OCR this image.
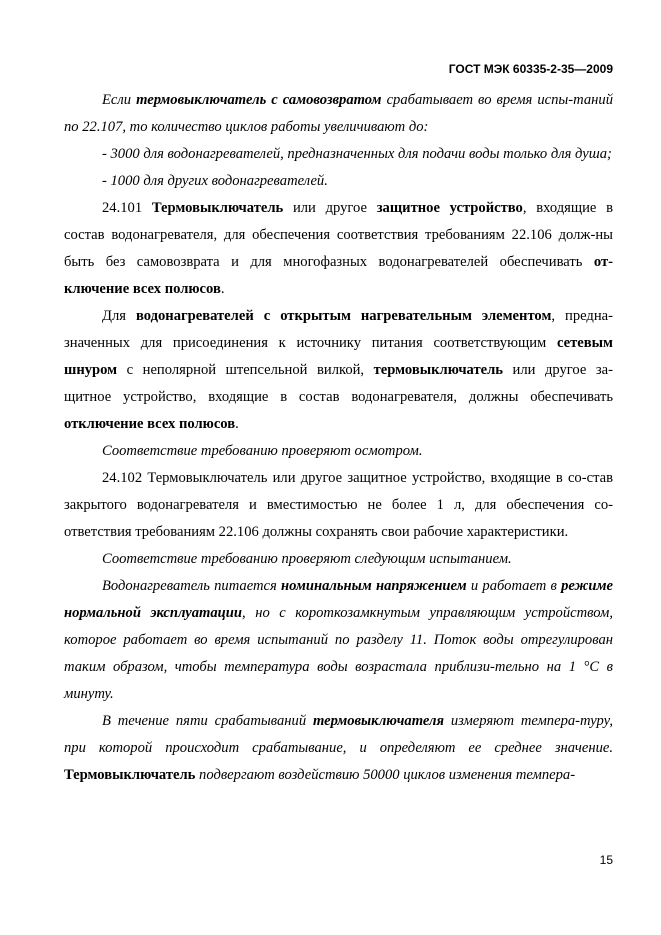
ГОСТ МЭК 60335-2-35—2009

Если термовыключатель с самовозвратом срабатывает во время испы-таний по 22.107, то количество циклов работы увеличивают до:

- 3000 для водонагревателей, предназначенных для подачи воды только для душа;

- 1000 для других водонагревателей.

24.101 Термовыключатель или другое защитное устройство, входящие в состав водонагревателя, для обеспечения соответствия требованиям 22.106 долж-ны быть без самовозврата и для многофазных водонагревателей обеспечивать от-ключение всех полюсов.

Для водонагревателей с открытым нагревательным элементом, предна-значенных для присоединения к источнику питания соответствующим сетевым шнуром с неполярной штепсельной вилкой, термовыключатель или другое за-щитное устройство, входящие в состав водонагревателя, должны обеспечивать отключение всех полюсов.

Соответствие требованию проверяют осмотром.

24.102 Термовыключатель или другое защитное устройство, входящие в со-став закрытого водонагревателя и вместимостью не более 1 л, для обеспечения со-ответствия требованиям 22.106 должны сохранять свои рабочие характеристики.

Соответствие требованию проверяют следующим испытанием.

Водонагреватель питается номинальным напряжением и работает в режиме нормальной эксплуатации, но с короткозамкнутым управляющим устройством, которое работает во время испытаний по разделу 11. Поток воды отрегулирован таким образом, чтобы температура воды возрастала приблизи-тельно на 1 °С в минуту.

В течение пяти срабатываний термовыключателя измеряют темпера-туру, при которой происходит срабатывание, и определяют ее среднее значение. Термовыключатель подвергают воздействию 50000 циклов изменения темпера-

15
